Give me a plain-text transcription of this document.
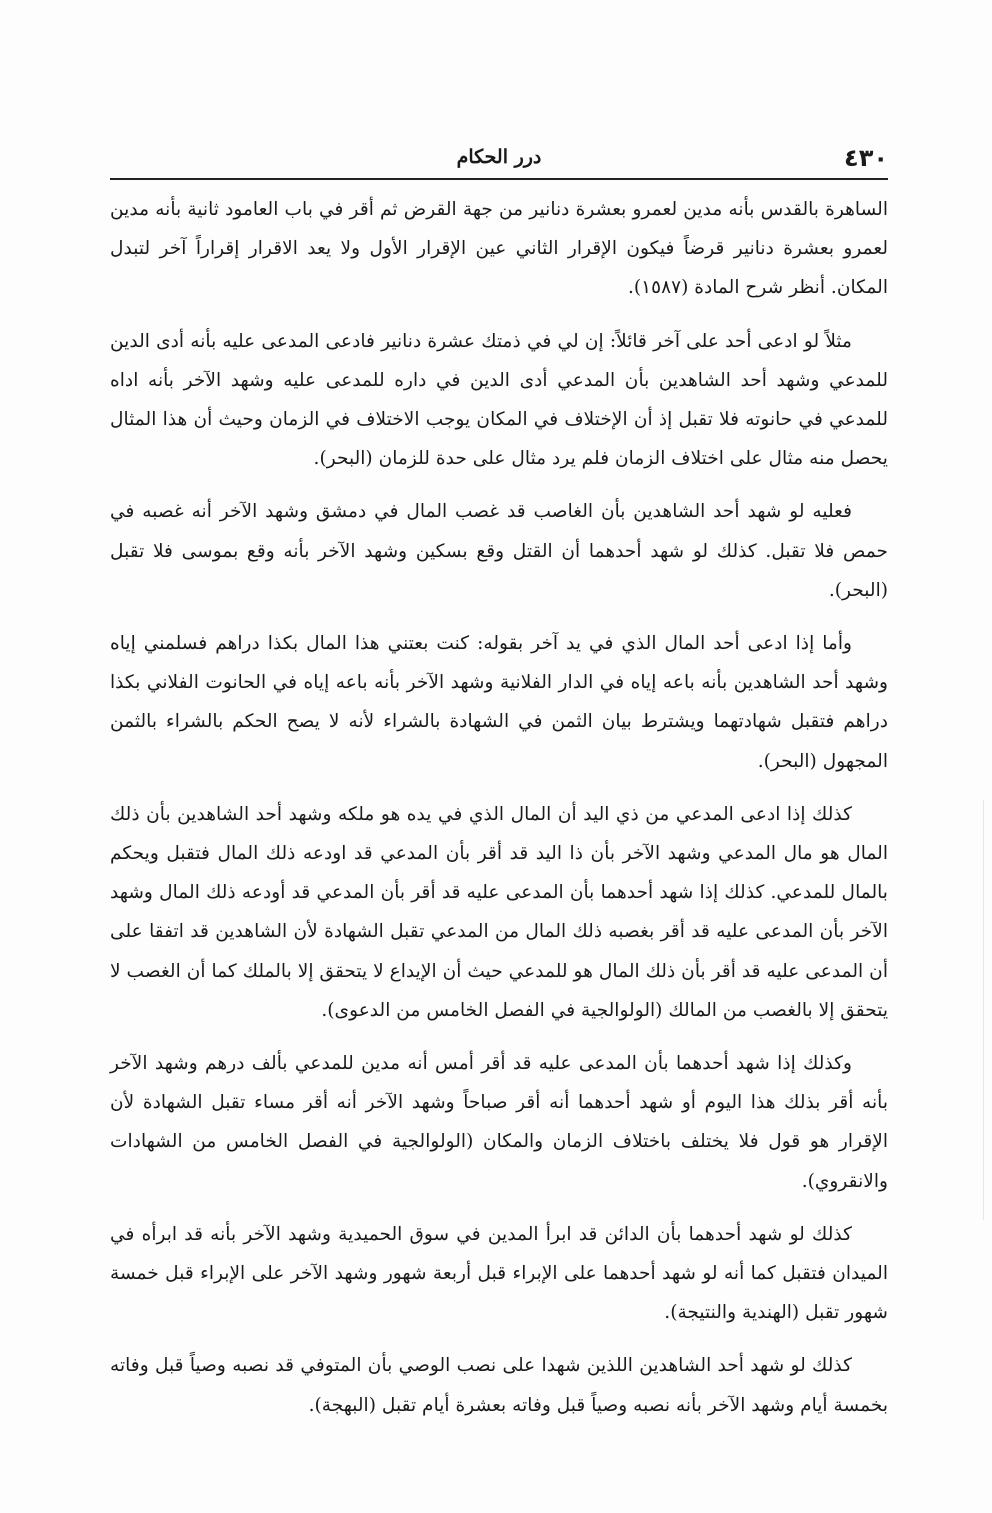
٤٣٠
درر الحكام

الساهرة بالقدس بأنه مدين لعمرو بعشرة دنانير من جهة القرض ثم أقر في باب العامود ثانية بأنه مدين لعمرو بعشرة دنانير قرضاً فيكون الإقرار الثاني عين الإقرار الأول ولا يعد الاقرار إقراراً آخر لتبدل المكان. أنظر شرح المادة (١٥٨٧).

مثلاً لو ادعى أحد على آخر قائلاً: إن لي في ذمتك عشرة دنانير فادعى المدعى عليه بأنه أدى الدين للمدعي وشهد أحد الشاهدين بأن المدعي أدى الدين في داره للمدعى عليه وشهد الآخر بأنه اداه للمدعي في حانوته فلا تقبل إذ أن الإختلاف في المكان يوجب الاختلاف في الزمان وحيث أن هذا المثال يحصل منه مثال على اختلاف الزمان فلم يرد مثال على حدة للزمان (البحر).

فعليه لو شهد أحد الشاهدين بأن الغاصب قد غصب المال في دمشق وشهد الآخر أنه غصبه في حمص فلا تقبل. كذلك لو شهد أحدهما أن القتل وقع بسكين وشهد الآخر بأنه وقع بموسى فلا تقبل (البحر).

وأما إذا ادعى أحد المال الذي في يد آخر بقوله: كنت بعتني هذا المال بكذا دراهم فسلمني إياه وشهد أحد الشاهدين بأنه باعه إياه في الدار الفلانية وشهد الآخر بأنه باعه إياه في الحانوت الفلاني بكذا دراهم فتقبل شهادتهما ويشترط بيان الثمن في الشهادة بالشراء لأنه لا يصح الحكم بالشراء بالثمن المجهول (البحر).

كذلك إذا ادعى المدعي من ذي اليد أن المال الذي في يده هو ملكه وشهد أحد الشاهدين بأن ذلك المال هو مال المدعي وشهد الآخر بأن ذا اليد قد أقر بأن المدعي قد اودعه ذلك المال فتقبل ويحكم بالمال للمدعي. كذلك إذا شهد أحدهما بأن المدعى عليه قد أقر بأن المدعي قد أودعه ذلك المال وشهد الآخر بأن المدعى عليه قد أقر بغصبه ذلك المال من المدعي تقبل الشهادة لأن الشاهدين قد اتفقا على أن المدعى عليه قد أقر بأن ذلك المال هو للمدعي حيث أن الإيداع لا يتحقق إلا بالملك كما أن الغصب لا يتحقق إلا بالغصب من المالك (الولوالجية في الفصل الخامس من الدعوى).

وكذلك إذا شهد أحدهما بأن المدعى عليه قد أقر أمس أنه مدين للمدعي بألف درهم وشهد الآخر بأنه أقر بذلك هذا اليوم أو شهد أحدهما أنه أقر صباحاً وشهد الآخر أنه أقر مساء تقبل الشهادة لأن الإقرار هو قول فلا يختلف باختلاف الزمان والمكان (الولوالجية في الفصل الخامس من الشهادات والانقروي).

كذلك لو شهد أحدهما بأن الدائن قد ابرأ المدين في سوق الحميدية وشهد الآخر بأنه قد ابرأه في الميدان فتقبل كما أنه لو شهد أحدهما على الإبراء قبل أربعة شهور وشهد الآخر على الإبراء قبل خمسة شهور تقبل (الهندية والنتيجة).

كذلك لو شهد أحد الشاهدين اللذين شهدا على نصب الوصي بأن المتوفي قد نصبه وصياً قبل وفاته بخمسة أيام وشهد الآخر بأنه نصبه وصياً قبل وفاته بعشرة أيام تقبل (البهجة).
